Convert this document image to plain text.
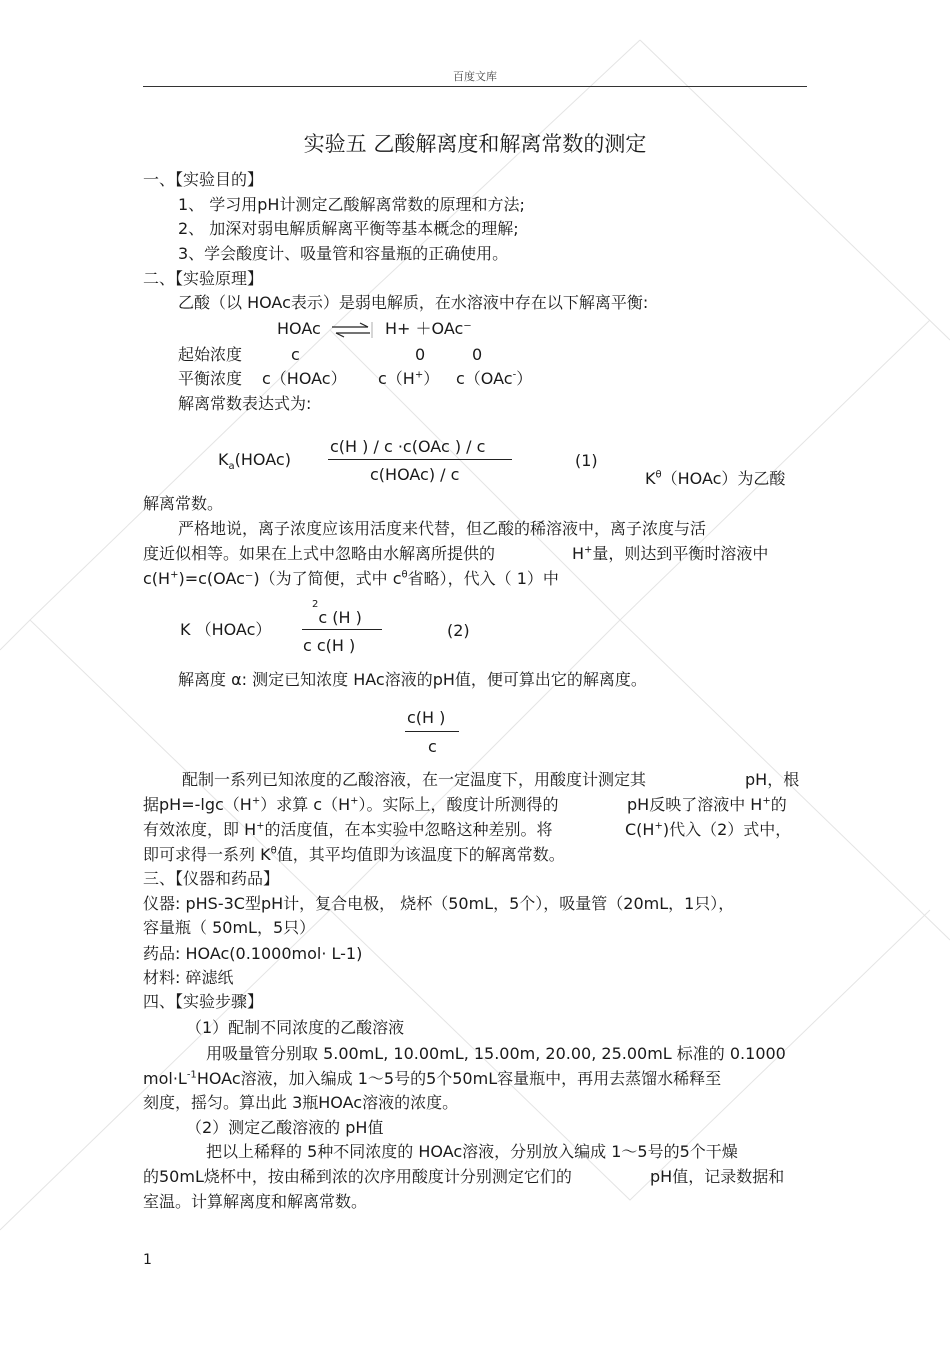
百度文库
实验五 乙酸解离度和解离常数的测定
一、【实验目的】
1、 学习用pH计测定乙酸解离常数的原理和方法;
2、 加深对弱电解质解离平衡等基本概念的理解;
3、学会酸度计、吸量管和容量瓶的正确使用。
二、【实验原理】
乙酸（以 HOAc表示）是弱电解质，在水溶液中存在以下解离平衡:
HOAc ⇌ H+ ＋OAc⁻
起始浓度	c	0	0
平衡浓度 c（HOAc） c（H+） c（OAc-）
解离常数表达式为:
$K_a(HOAc)$
c(H ) / c ·c(OAc ) / c
c(HOAc) / c
(1)
$K^\theta(HOAc)$为乙酸
解离常数。
严格地说，离子浓度应该用活度来代替，但乙酸的稀溶液中，离子浓度与活
度近似相等。如果在上式中忽略由水解离所提供的	H+量，则达到平衡时溶液中
c(H+)=c(OAc⁻)（为了简便，式中 $c^\theta$省略），代入（ 1）中
K （HOAc）
$^2$c (H )
c c(H )
(2)
解离度 α: 测定已知浓度 HAc溶液的pH值，便可算出它的解离度。
c(H )
c
配制一系列已知浓度的乙酸溶液，在一定温度下，用酸度计测定其	pH，根
据pH=-lgc（H+）求算 c（H+）。实际上，酸度计所测得的	pH反映了溶液中 H+的
有效浓度，即 H+的活度值，在本实验中忽略这种差别。将	C(H+)代入（2）式中，
即可求得一系列 $K^\theta$值，其平均值即为该温度下的解离常数。
三、【仪器和药品】
仪器: pHS-3C型pH计，复合电极， 烧杯（50mL，5个），吸量管（20mL，1只），
容量瓶（ 50mL，5只）
药品: HOAc(0.1000mol· L-1)
材料: 碎滤纸
四、【实验步骤】
（1）配制不同浓度的乙酸溶液
用吸量管分别取 5.00mL, 10.00mL, 15.00m, 20.00, 25.00mL 标准的 0.1000
$mol\cdot L^{-1}HOAc$溶液，加入编成 1～5号的5个50mL容量瓶中，再用去蒸馏水稀释至
刻度，摇匀。算出此 3瓶HOAc溶液的浓度。
（2）测定乙酸溶液的 pH值
把以上稀释的 5种不同浓度的 HOAc溶液，分别放入编成 1～5号的5个干燥
的50mL烧杯中，按由稀到浓的次序用酸度计分别测定它们的	pH值，记录数据和
室温。计算解离度和解离常数。
1
